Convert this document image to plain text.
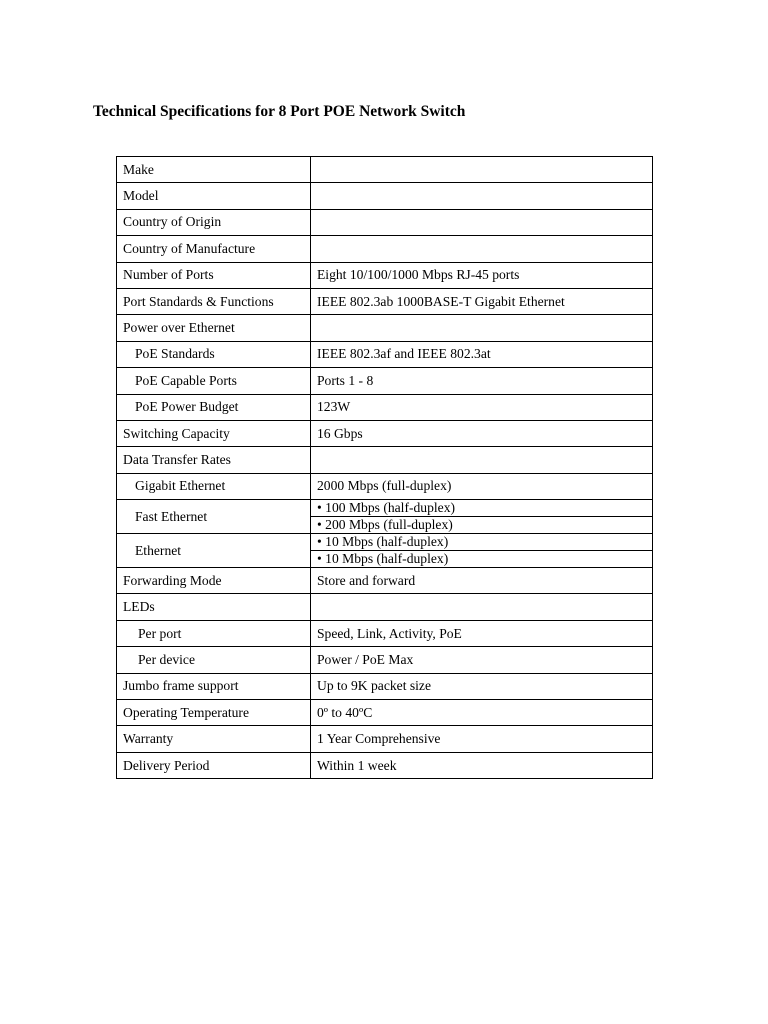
Technical Specifications for 8 Port POE Network Switch
Make	
Model	
Country of Origin	
Country of Manufacture	
Number of Ports	Eight 10/100/1000 Mbps RJ-45 ports
Port Standards & Functions	IEEE 802.3ab 1000BASE-T Gigabit Ethernet
Power over Ethernet	
PoE Standards	IEEE 802.3af and IEEE 802.3at
PoE Capable Ports	Ports 1 - 8
PoE Power Budget	123W
Switching Capacity	16 Gbps
Data Transfer Rates	
Gigabit Ethernet	2000 Mbps (full-duplex)
Fast Ethernet	• 100 Mbps (half-duplex)
• 200 Mbps (full-duplex)

Ethernet	• 10 Mbps (half-duplex)
• 10 Mbps (half-duplex)

Forwarding Mode	Store and forward
LEDs	
Per port	Speed, Link, Activity, PoE
Per device	Power / PoE Max
Jumbo frame support	Up to 9K packet size
Operating Temperature	0º to 40ºC
Warranty	1 Year Comprehensive
Delivery Period	Within 1 week
